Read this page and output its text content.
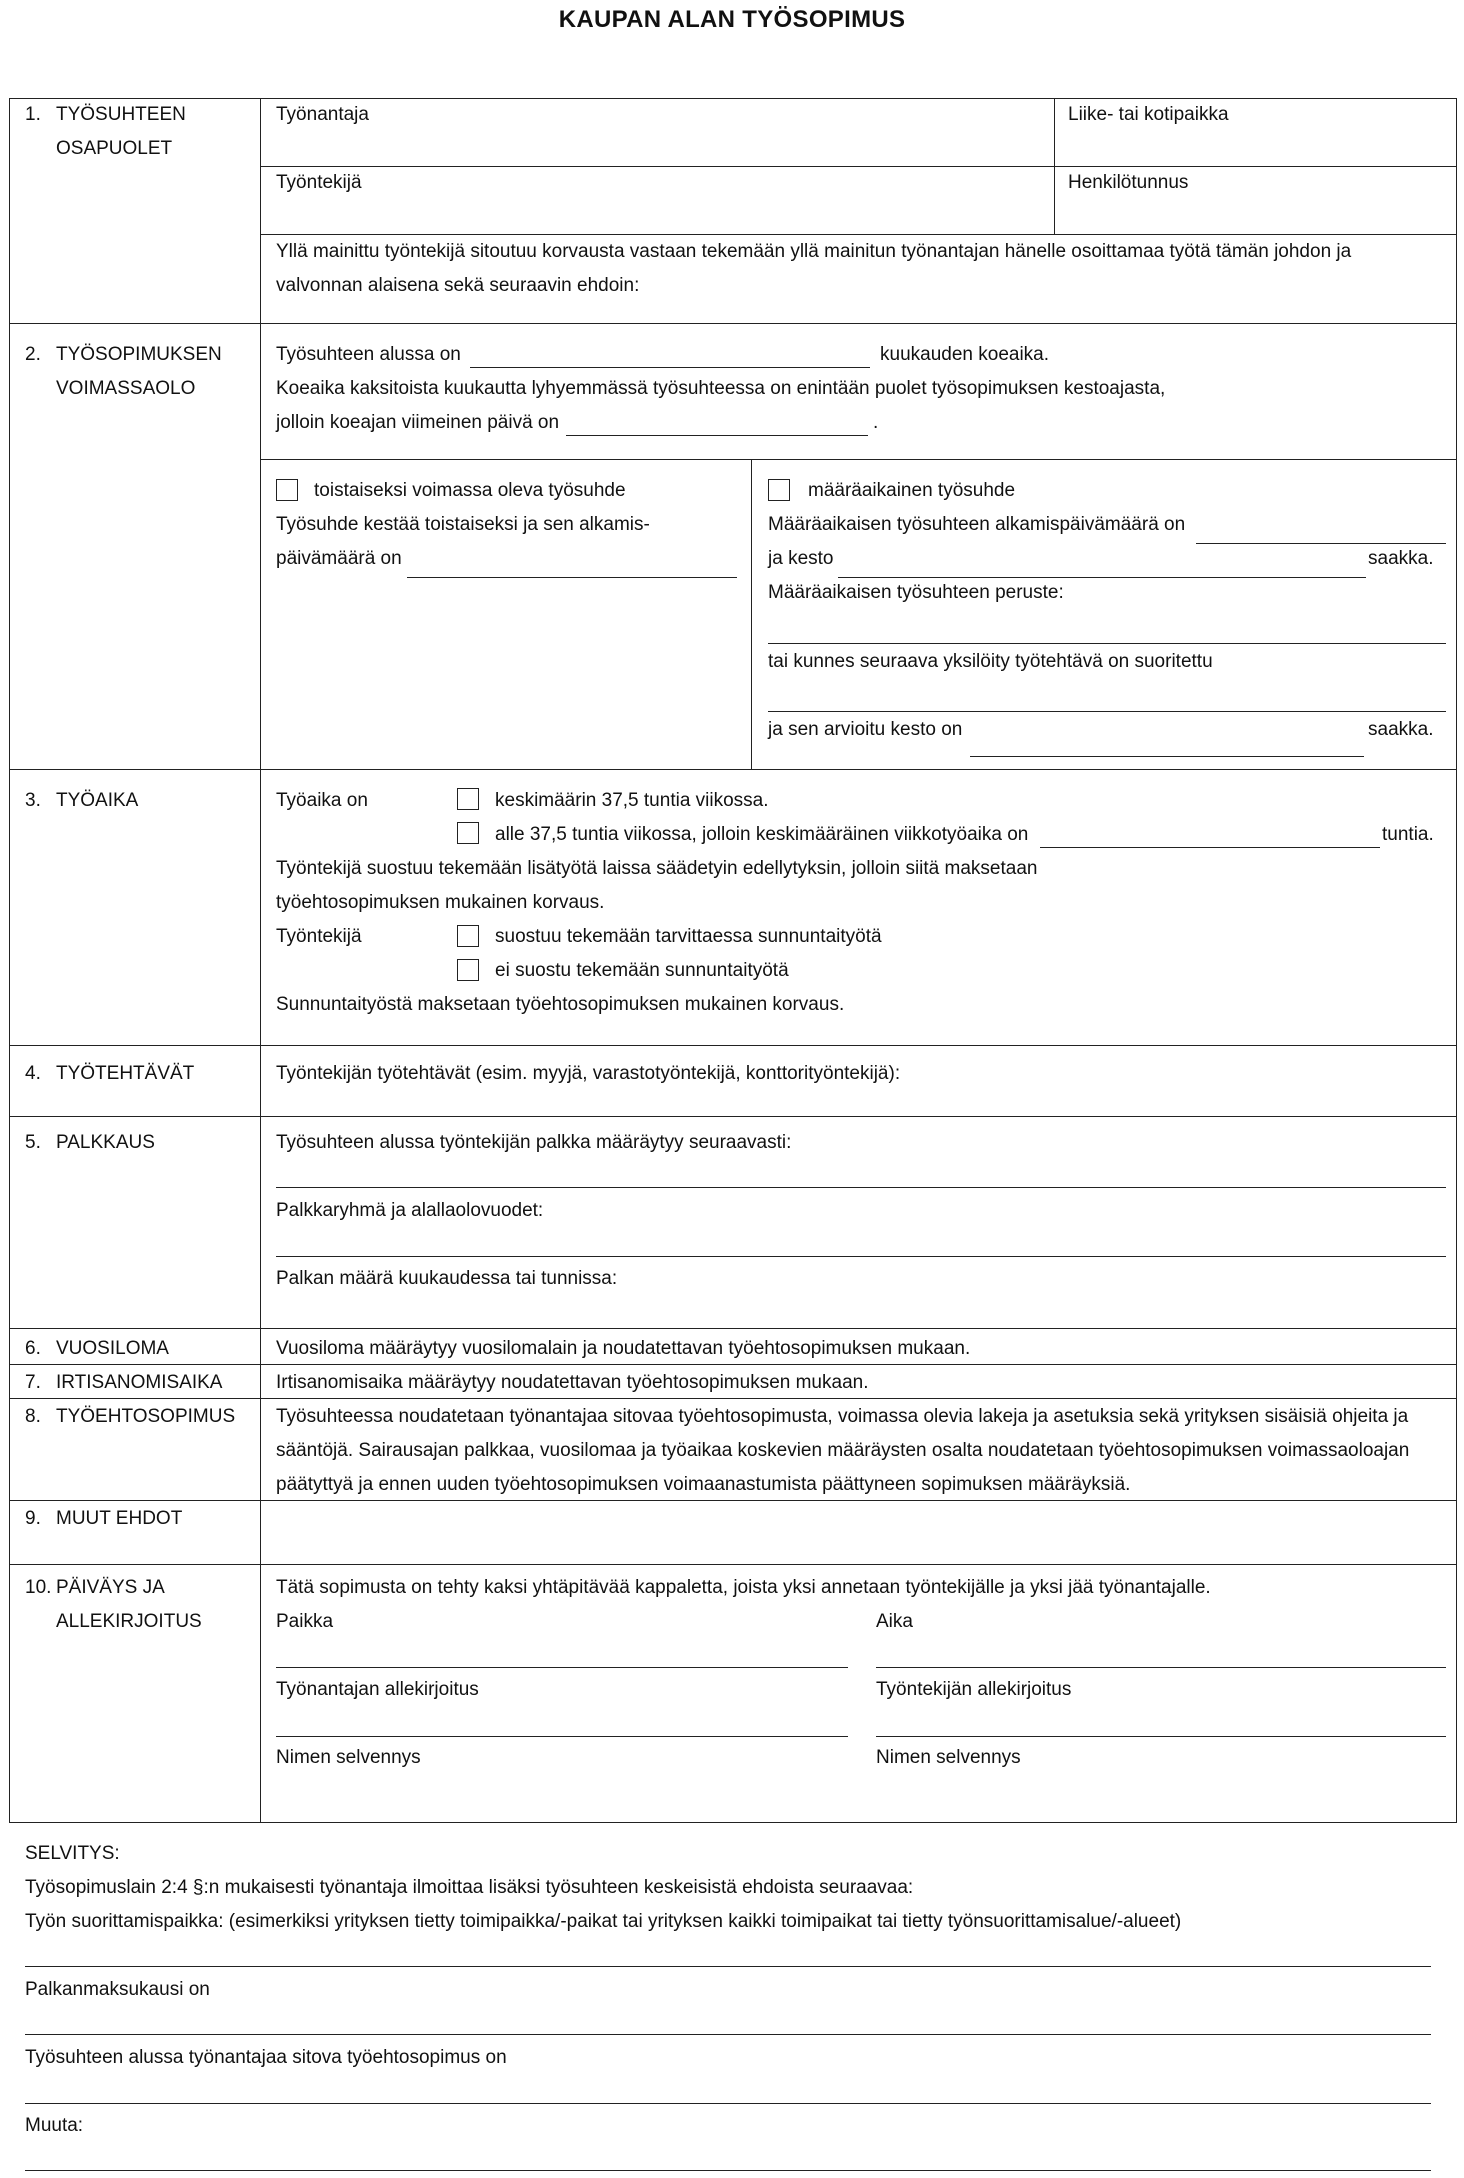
KAUPAN ALAN TYÖSOPIMUS
1. TYÖSUHTEEN
OSAPUOLET
Työnantaja	Liike- tai kotipaikka
Työntekijä	Henkilötunnus
Yllä mainittu työntekijä sitoutuu korvausta vastaan tekemään yllä mainitun työnantajan hänelle osoittamaa työtä tämän johdon ja
valvonnan alaisena sekä seuraavin ehdoin:
2. TYÖSOPIMUKSEN
VOIMASSAOLO
Työsuhteen alussa on	kuukauden koeaika.
Koeaika kaksitoista kuukautta lyhyemmässä työsuhteessa on enintään puolet työsopimuksen kestoajasta,
jolloin koeajan viimeinen päivä on	.
toistaiseksi voimassa oleva työsuhde
Työsuhde kestää toistaiseksi ja sen alkamis-
päivämäärä on
määräaikainen työsuhde
Määräaikaisen työsuhteen alkamispäivämäärä on
ja kesto	saakka.
Määräaikaisen työsuhteen peruste:
tai kunnes seuraava yksilöity työtehtävä on suoritettu
ja sen arvioitu kesto on	saakka.
3. TYÖAIKA	Työaika on	keskimäärin 37,5 tuntia viikossa.
alle 37,5 tuntia viikossa, jolloin keskimääräinen viikkotyöaika on	tuntia.
Työntekijä suostuu tekemään lisätyötä laissa säädetyin edellytyksin, jolloin siitä maksetaan
työehtosopimuksen mukainen korvaus.
Työntekijä	suostuu tekemään tarvittaessa sunnuntaityötä
ei suostu tekemään sunnuntaityötä
Sunnuntaityöstä maksetaan työehtosopimuksen mukainen korvaus.
4. TYÖTEHTÄVÄT	Työntekijän työtehtävät (esim. myyjä, varastotyöntekijä, konttorityöntekijä):
5. PALKKAUS	Työsuhteen alussa työntekijän palkka määräytyy seuraavasti:
Palkkaryhmä ja alallaolovuodet:
Palkan määrä kuukaudessa tai tunnissa:
6. VUOSILOMA	Vuosiloma määräytyy vuosilomalain ja noudatettavan työehtosopimuksen mukaan.
7. IRTISANOMISAIKA	Irtisanomisaika määräytyy noudatettavan työehtosopimuksen mukaan.
8. TYÖEHTOSOPIMUS Työsuhteessa noudatetaan työnantajaa sitovaa työehtosopimusta, voimassa olevia lakeja ja asetuksia sekä yrityksen sisäisiä ohjeita ja
sääntöjä. Sairausajan palkkaa, vuosilomaa ja työaikaa koskevien määräysten osalta noudatetaan työehtosopimuksen voimassaoloajan
päätyttyä ja ennen uuden työehtosopimuksen voimaanastumista päättyneen sopimuksen määräyksiä.
9. MUUT EHDOT
10. PÄIVÄYS JA
ALLEKIRJOITUS
Tätä sopimusta on tehty kaksi yhtäpitävää kappaletta, joista yksi annetaan työntekijälle ja yksi jää työnantajalle.
Paikka	Aika
Työnantajan allekirjoitus	Työntekijän allekirjoitus
Nimen selvennys	Nimen selvennys
SELVITYS:
Työsopimuslain 2:4 §:n mukaisesti työnantaja ilmoittaa lisäksi työsuhteen keskeisistä ehdoista seuraavaa:
Työn suorittamispaikka: (esimerkiksi yrityksen tietty toimipaikka/-paikat tai yrityksen kaikki toimipaikat tai tietty työnsuorittamisalue/-alueet)
Palkanmaksukausi on
Työsuhteen alussa työnantajaa sitova työehtosopimus on
Muuta:
